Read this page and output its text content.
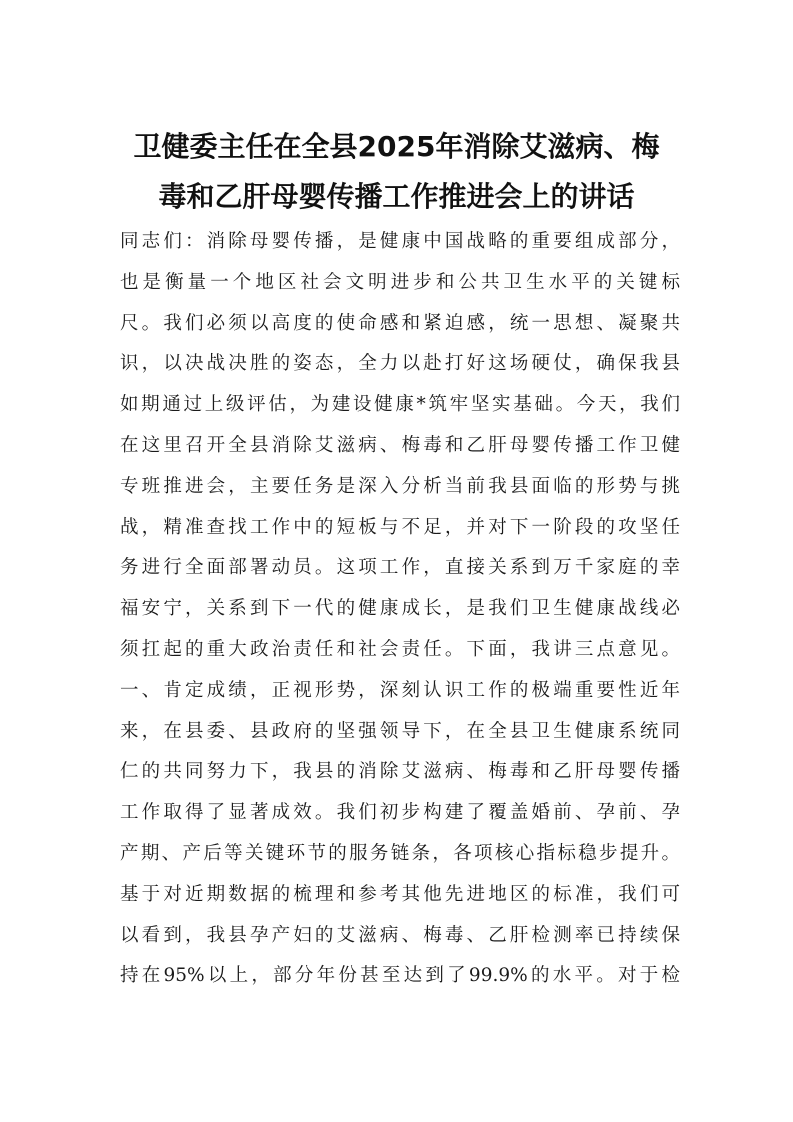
卫健委主任在全县2025年消除艾滋病、梅
毒和乙肝母婴传播工作推进会上的讲话
同志们：消除母婴传播，是健康中国战略的重要组成部分，
也是衡量一个地区社会文明进步和公共卫生水平的关键标
尺。我们必须以高度的使命感和紧迫感，统一思想、凝聚共
识，以决战决胜的姿态，全力以赴打好这场硬仗，确保我县
如期通过上级评估，为建设健康*筑牢坚实基础。今天，我们
在这里召开全县消除艾滋病、梅毒和乙肝母婴传播工作卫健
专班推进会，主要任务是深入分析当前我县面临的形势与挑
战，精准查找工作中的短板与不足，并对下一阶段的攻坚任
务进行全面部署动员。这项工作，直接关系到万千家庭的幸
福安宁，关系到下一代的健康成长，是我们卫生健康战线必
须扛起的重大政治责任和社会责任。下面，我讲三点意见。
一、肯定成绩，正视形势，深刻认识工作的极端重要性近年
来，在县委、县政府的坚强领导下，在全县卫生健康系统同
仁的共同努力下，我县的消除艾滋病、梅毒和乙肝母婴传播
工作取得了显著成效。我们初步构建了覆盖婚前、孕前、孕
产期、产后等关键环节的服务链条，各项核心指标稳步提升。
基于对近期数据的梳理和参考其他先进地区的标准，我们可
以看到，我县孕产妇的艾滋病、梅毒、乙肝检测率已持续保
持在95%以上，部分年份甚至达到了99.9%的水平。对于检
